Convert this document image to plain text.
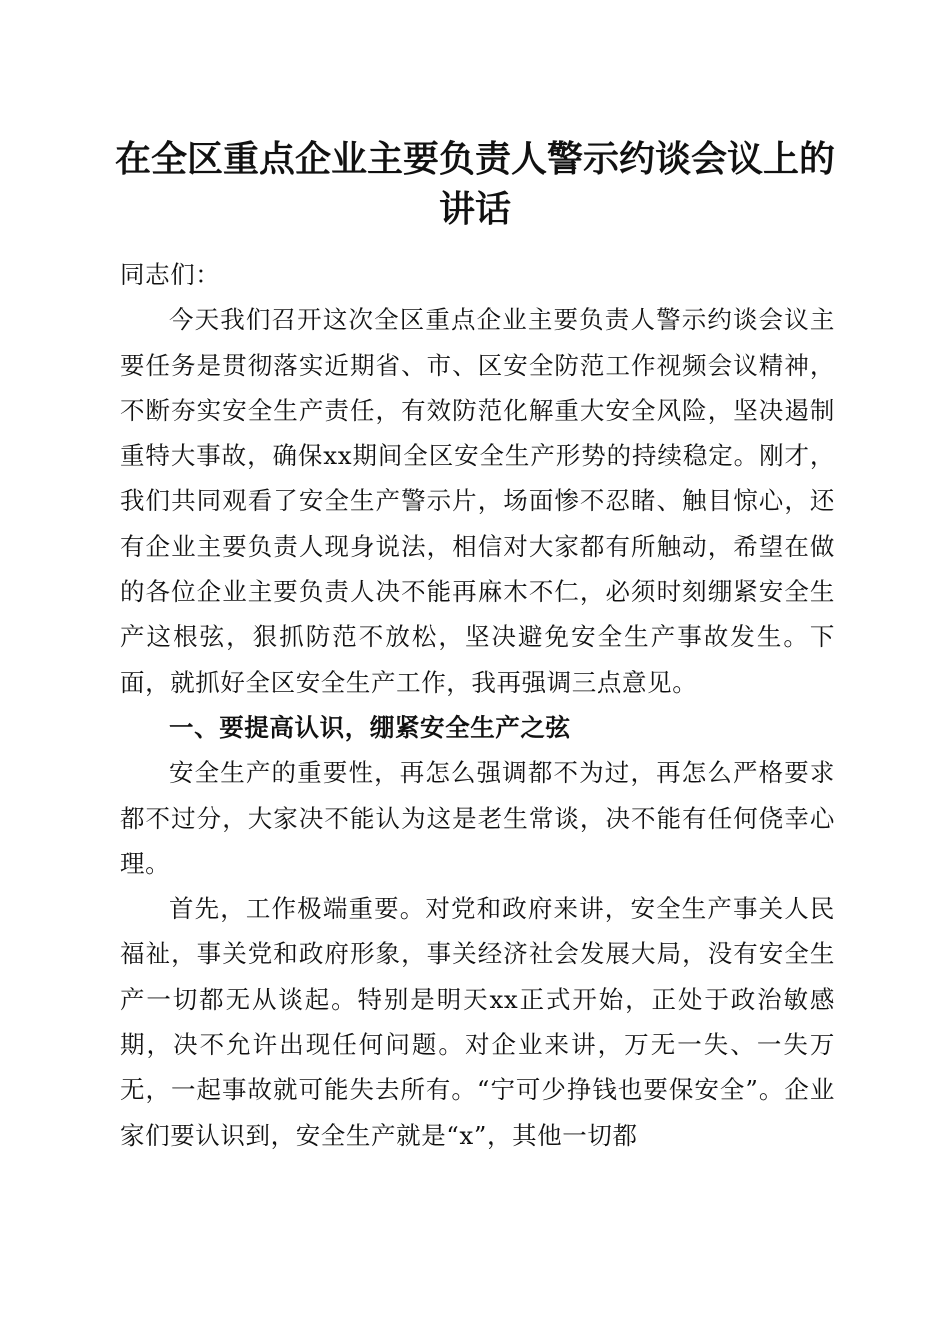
在全区重点企业主要负责人警示约谈会议上的讲话

同志们：

今天我们召开这次全区重点企业主要负责人警示约谈会议主要任务是贯彻落实近期省、市、区安全防范工作视频会议精神，不断夯实安全生产责任，有效防范化解重大安全风险，坚决遏制重特大事故，确保xx期间全区安全生产形势的持续稳定。刚才，我们共同观看了安全生产警示片，场面惨不忍睹、触目惊心，还有企业主要负责人现身说法，相信对大家都有所触动，希望在做的各位企业主要负责人决不能再麻木不仁，必须时刻绷紧安全生产这根弦，狠抓防范不放松，坚决避免安全生产事故发生。下面，就抓好全区安全生产工作，我再强调三点意见。

一、要提高认识，绷紧安全生产之弦

安全生产的重要性，再怎么强调都不为过，再怎么严格要求都不过分，大家决不能认为这是老生常谈，决不能有任何侥幸心理。

首先，工作极端重要。对党和政府来讲，安全生产事关人民福祉，事关党和政府形象，事关经济社会发展大局，没有安全生产一切都无从谈起。特别是明天xx正式开始，正处于政治敏感期，决不允许出现任何问题。对企业来讲，万无一失、一失万无，一起事故就可能失去所有。“宁可少挣钱也要保安全”。企业家们要认识到，安全生产就是“x”，其他一切都
